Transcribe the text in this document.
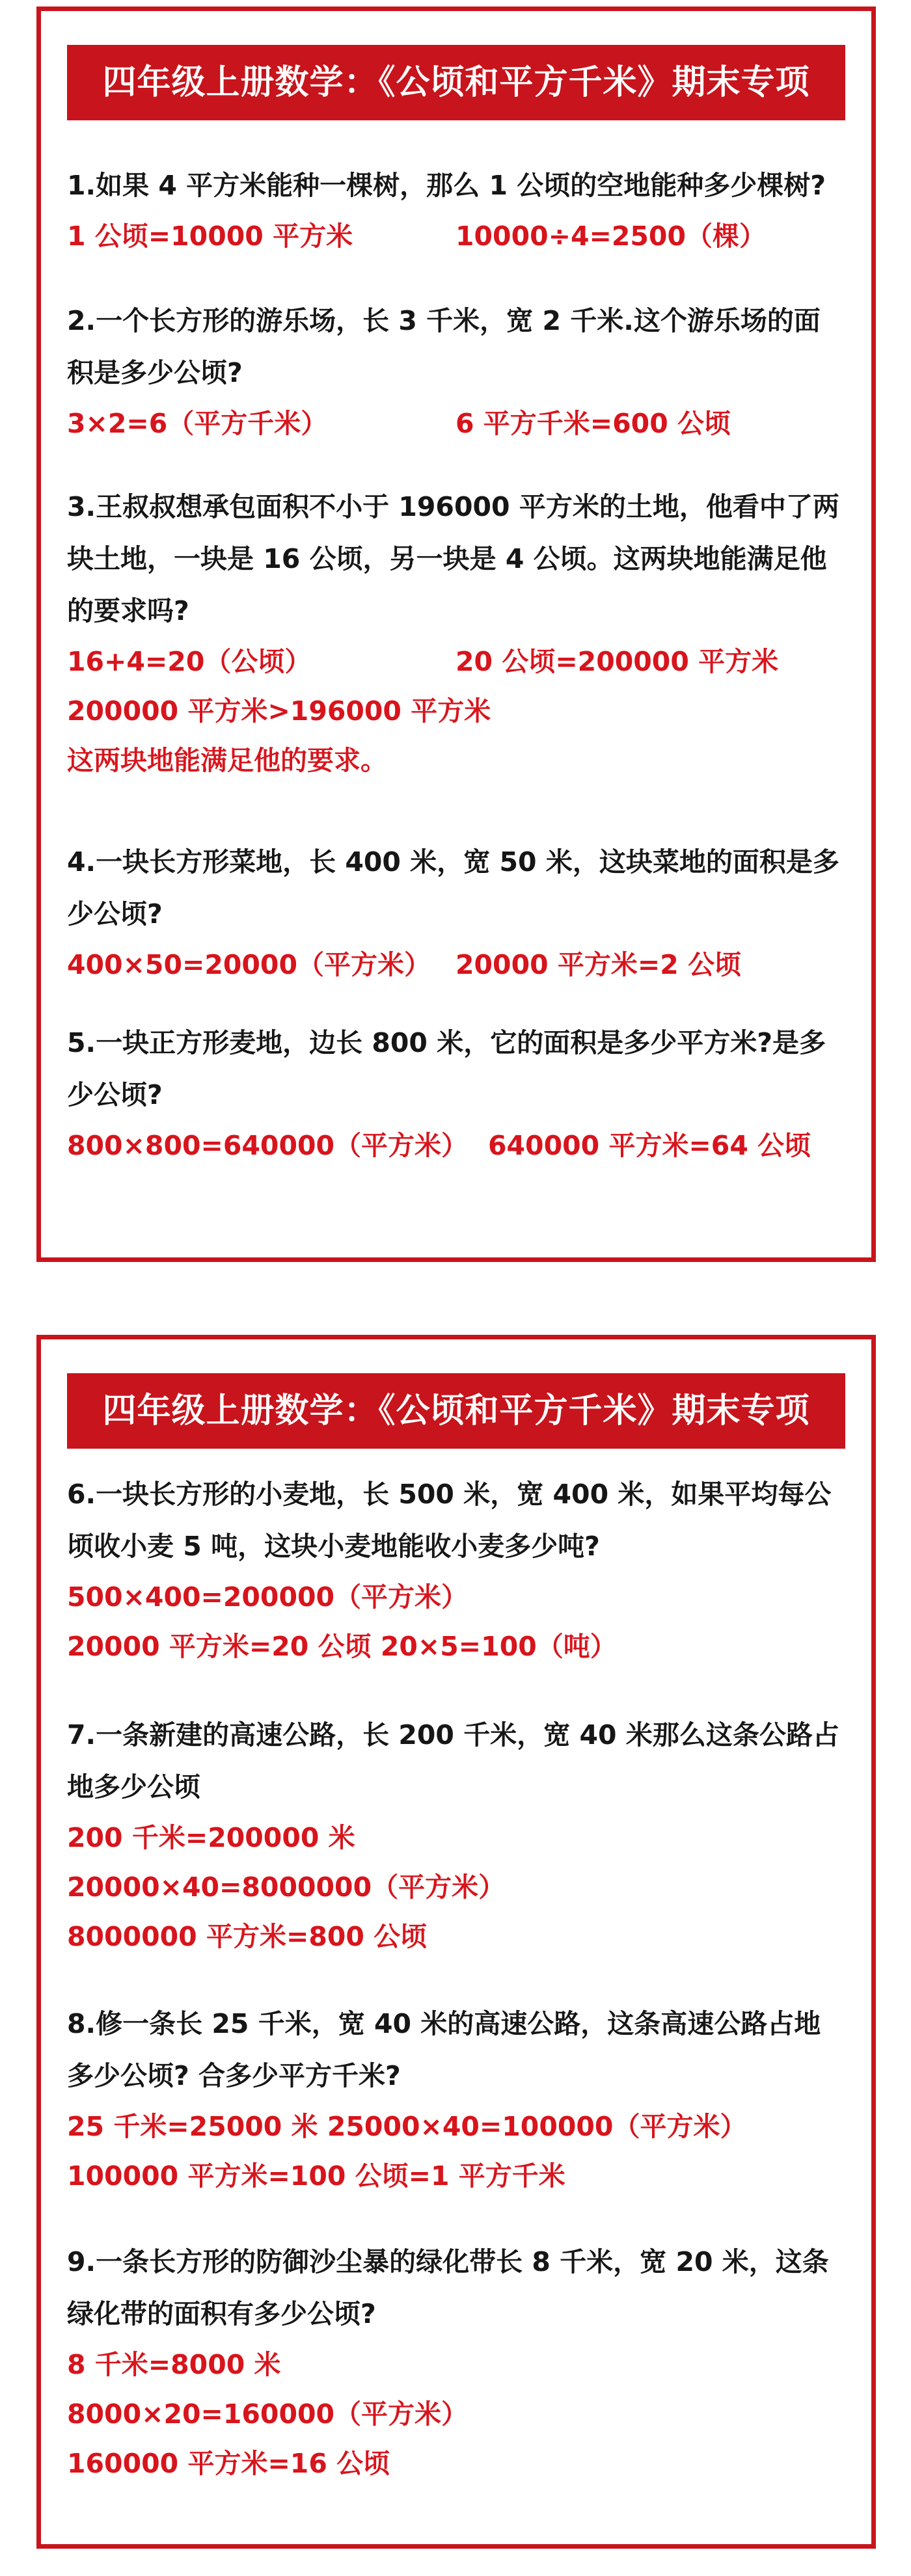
四年级上册数学：《公顷和平方千米》期末专项
1.如果 4 平方米能种一棵树，那么 1 公顷的空地能种多少棵树?
1 公顷=10000 平方米	10000÷4=2500（棵）
2.一个长方形的游乐场，长 3 千米，宽 2 千米.这个游乐场的面积是多少公顷?
3×2=6（平方千米）	6 平方千米=600 公顷
3.王叔叔想承包面积不小于 196000 平方米的土地，他看中了两块土地，一块是 16 公顷，另一块是 4 公顷。这两块地能满足他的要求吗?
16+4=20（公顷）	20 公顷=200000 平方米
200000 平方米>196000 平方米
这两块地能满足他的要求。
4.一块长方形菜地，长 400 米，宽 50 米，这块菜地的面积是多少公顷?
400×50=20000（平方米） 20000 平方米=2 公顷
5.一块正方形麦地，边长 800 米，它的面积是多少平方米?是多少公顷?
800×800=640000（平方米） 640000 平方米=64 公顷
四年级上册数学：《公顷和平方千米》期末专项
6.一块长方形的小麦地，长 500 米，宽 400 米，如果平均每公顷收小麦 5 吨，这块小麦地能收小麦多少吨?
500×400=200000（平方米）
20000 平方米=20 公顷 20×5=100（吨）
7.一条新建的高速公路，长 200 千米，宽 40 米那么这条公路占地多少公顷
200 千米=200000 米
20000×40=8000000（平方米）
8000000 平方米=800 公顷
8.修一条长 25 千米，宽 40 米的高速公路，这条高速公路占地多少公顷? 合多少平方千米?
25 千米=25000 米 25000×40=100000（平方米）
100000 平方米=100 公顷=1 平方千米
9.一条长方形的防御沙尘暴的绿化带长 8 千米，宽 20 米，这条绿化带的面积有多少公顷?
8 千米=8000 米
8000×20=160000（平方米）
160000 平方米=16 公顷
